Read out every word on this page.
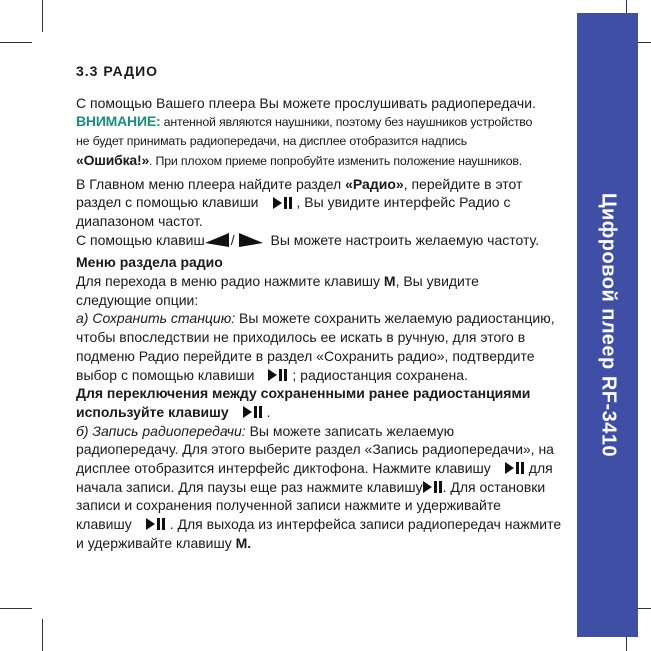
Цифровой плеер RF-3410

3.3 РАДИО

С помощью Вашего плеера Вы можете прослушивать радиопередачи.

ВНИМАНИЕ: антенной являются наушники, поэтому без наушников устройство

не будет принимать радиопередачи, на дисплее отобразится надпись

«Ошибка!». При плохом приеме попробуйте изменить положение наушников.

В Главном меню плеера найдите раздел «Радио», перейдите в этот

раздел с помощью клавиши	, Вы увидите интерфейс Радио с

диапазоном частот.

С помощью клавиш /
Вы можете настроить желаемую частоту.

Меню раздела радио

Для перехода в меню радио нажмите клавишу M, Вы увидите

следующие опции:

а) Сохранить станцию: Вы можете сохранить желаемую радиостанцию,

чтобы впоследствии не приходилось ее искать в ручную, для этого в

подменю Радио перейдите в раздел «Сохранить радио», подтвердите

выбор с помощью клавиши	; радиостанция сохранена.

Для переключения между сохраненными ранее радиостанциями

используйте клавишу	.

б) Запись радиопередачи: Вы можете записать желаемую

радиопередачу. Для этого выберите раздел «Запись радиопередачи», на

дисплее отобразится интерфейс диктофона. Нажмите клавишу	для

начала записи. Для паузы еще раз нажмите клавишу . Для остановки

записи и сохранения полученной записи нажмите и удерживайте

клавишу	. Для выхода из интерфейса записи радиопередач нажмите

и удерживайте клавишу M.
